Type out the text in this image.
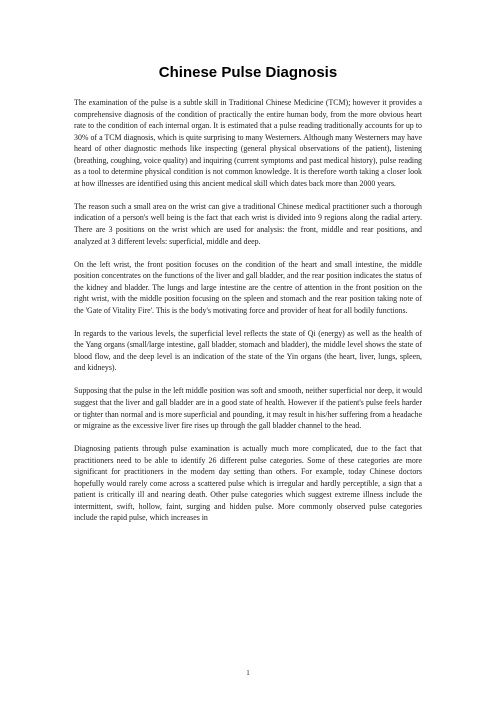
Chinese Pulse Diagnosis

The examination of the pulse is a subtle skill in Traditional Chinese Medicine (TCM); however it provides a comprehensive diagnosis of the condition of practically the entire human body, from the more obvious heart rate to the condition of each internal organ. It is estimated that a pulse reading traditionally accounts for up to 30% of a TCM diagnosis, which is quite surprising to many Westerners. Although many Westerners may have heard of other diagnostic methods like inspecting (general physical observations of the patient), listening (breathing, coughing, voice quality) and inquiring (current symptoms and past medical history), pulse reading as a tool to determine physical condition is not common knowledge. It is therefore worth taking a closer look at how illnesses are identified using this ancient medical skill which dates back more than 2000 years.

The reason such a small area on the wrist can give a traditional Chinese medical practitioner such a thorough indication of a person's well being is the fact that each wrist is divided into 9 regions along the radial artery. There are 3 positions on the wrist which are used for analysis: the front, middle and rear positions, and analyzed at 3 different levels: superficial, middle and deep.

On the left wrist, the front position focuses on the condition of the heart and small intestine, the middle position concentrates on the functions of the liver and gall bladder, and the rear position indicates the status of the kidney and bladder. The lungs and large intestine are the centre of attention in the front position on the right wrist, with the middle position focusing on the spleen and stomach and the rear position taking note of the 'Gate of Vitality Fire'. This is the body's motivating force and provider of heat for all bodily functions.

In regards to the various levels, the superficial level reflects the state of Qi (energy) as well as the health of the Yang organs (small/large intestine, gall bladder, stomach and bladder), the middle level shows the state of blood flow, and the deep level is an indication of the state of the Yin organs (the heart, liver, lungs, spleen, and kidneys).

Supposing that the pulse in the left middle position was soft and smooth, neither superficial nor deep, it would suggest that the liver and gall bladder are in a good state of health. However if the patient's pulse feels harder or tighter than normal and is more superficial and pounding, it may result in his/her suffering from a headache or migraine as the excessive liver fire rises up through the gall bladder channel to the head.

Diagnosing patients through pulse examination is actually much more complicated, due to the fact that practitioners need to be able to identify 26 different pulse categories. Some of these categories are more significant for practitioners in the modern day setting than others. For example, today Chinese doctors hopefully would rarely come across a scattered pulse which is irregular and hardly perceptible, a sign that a patient is critically ill and nearing death. Other pulse categories which suggest extreme illness include the intermittent, swift, hollow, faint, surging and hidden pulse. More commonly observed pulse categories include the rapid pulse, which increases in

1
